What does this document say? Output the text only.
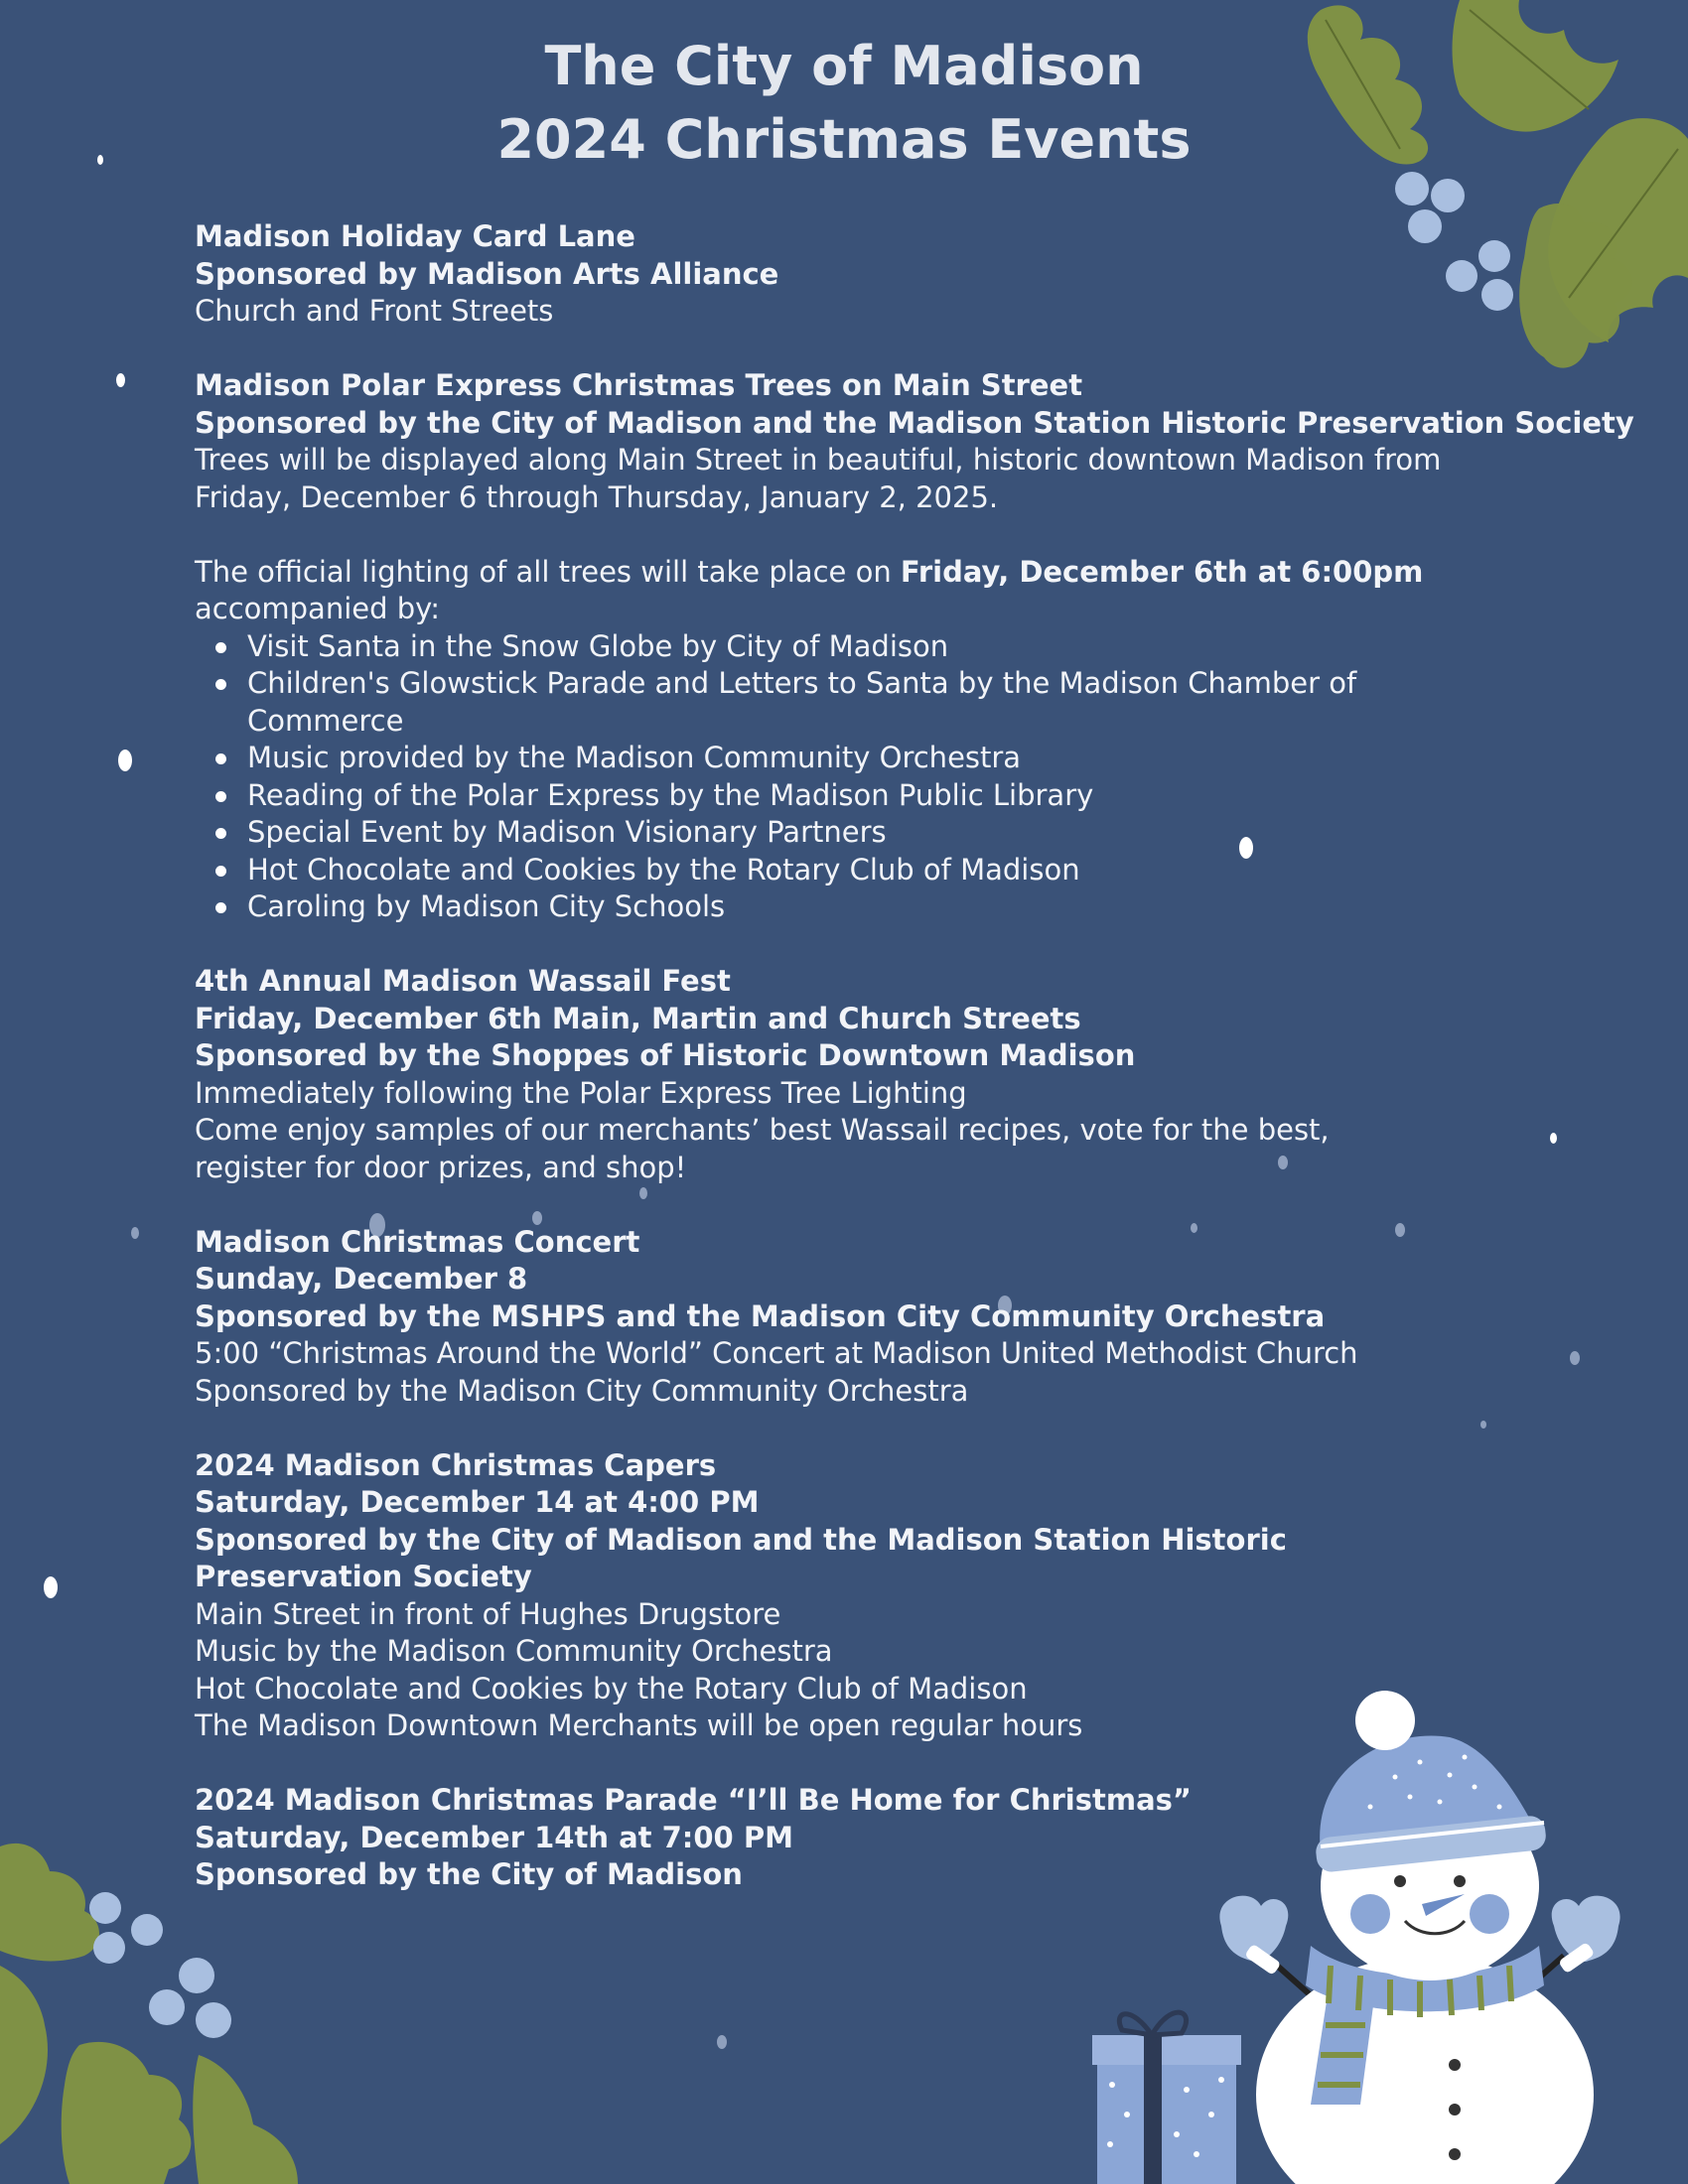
The City of Madison
2024 Christmas Events
Madison Holiday Card Lane
Sponsored by Madison Arts Alliance
Church and Front Streets
Madison Polar Express Christmas Trees on Main Street
Sponsored by the City of Madison and the Madison Station Historic Preservation Society
Trees will be displayed along Main Street in beautiful, historic downtown Madison from
Friday, December 6 through Thursday, January 2, 2025.
The official lighting of all trees will take place on Friday, December 6th at 6:00pm
accompanied by:
Visit Santa in the Snow Globe by City of Madison
Children's Glowstick Parade and Letters to Santa by the Madison Chamber of Commerce
Music provided by the Madison Community Orchestra
Reading of the Polar Express by the Madison Public Library
Special Event by Madison Visionary Partners
Hot Chocolate and Cookies by the Rotary Club of Madison
Caroling by Madison City Schools
4th Annual Madison Wassail Fest
Friday, December 6th Main, Martin and Church Streets
Sponsored by the Shoppes of Historic Downtown Madison
Immediately following the Polar Express Tree Lighting
Come enjoy samples of our merchants’ best Wassail recipes, vote for the best,
register for door prizes, and shop!
Madison Christmas Concert
Sunday, December 8
Sponsored by the MSHPS and the Madison City Community Orchestra
5:00 “Christmas Around the World” Concert at Madison United Methodist Church
Sponsored by the Madison City Community Orchestra
2024 Madison Christmas Capers
Saturday, December 14 at 4:00 PM
Sponsored by the City of Madison and the Madison Station Historic
Preservation Society
Main Street in front of Hughes Drugstore
Music by the Madison Community Orchestra
Hot Chocolate and Cookies by the Rotary Club of Madison
The Madison Downtown Merchants will be open regular hours
2024 Madison Christmas Parade “I’ll Be Home for Christmas”
Saturday, December 14th at 7:00 PM
Sponsored by the City of Madison
